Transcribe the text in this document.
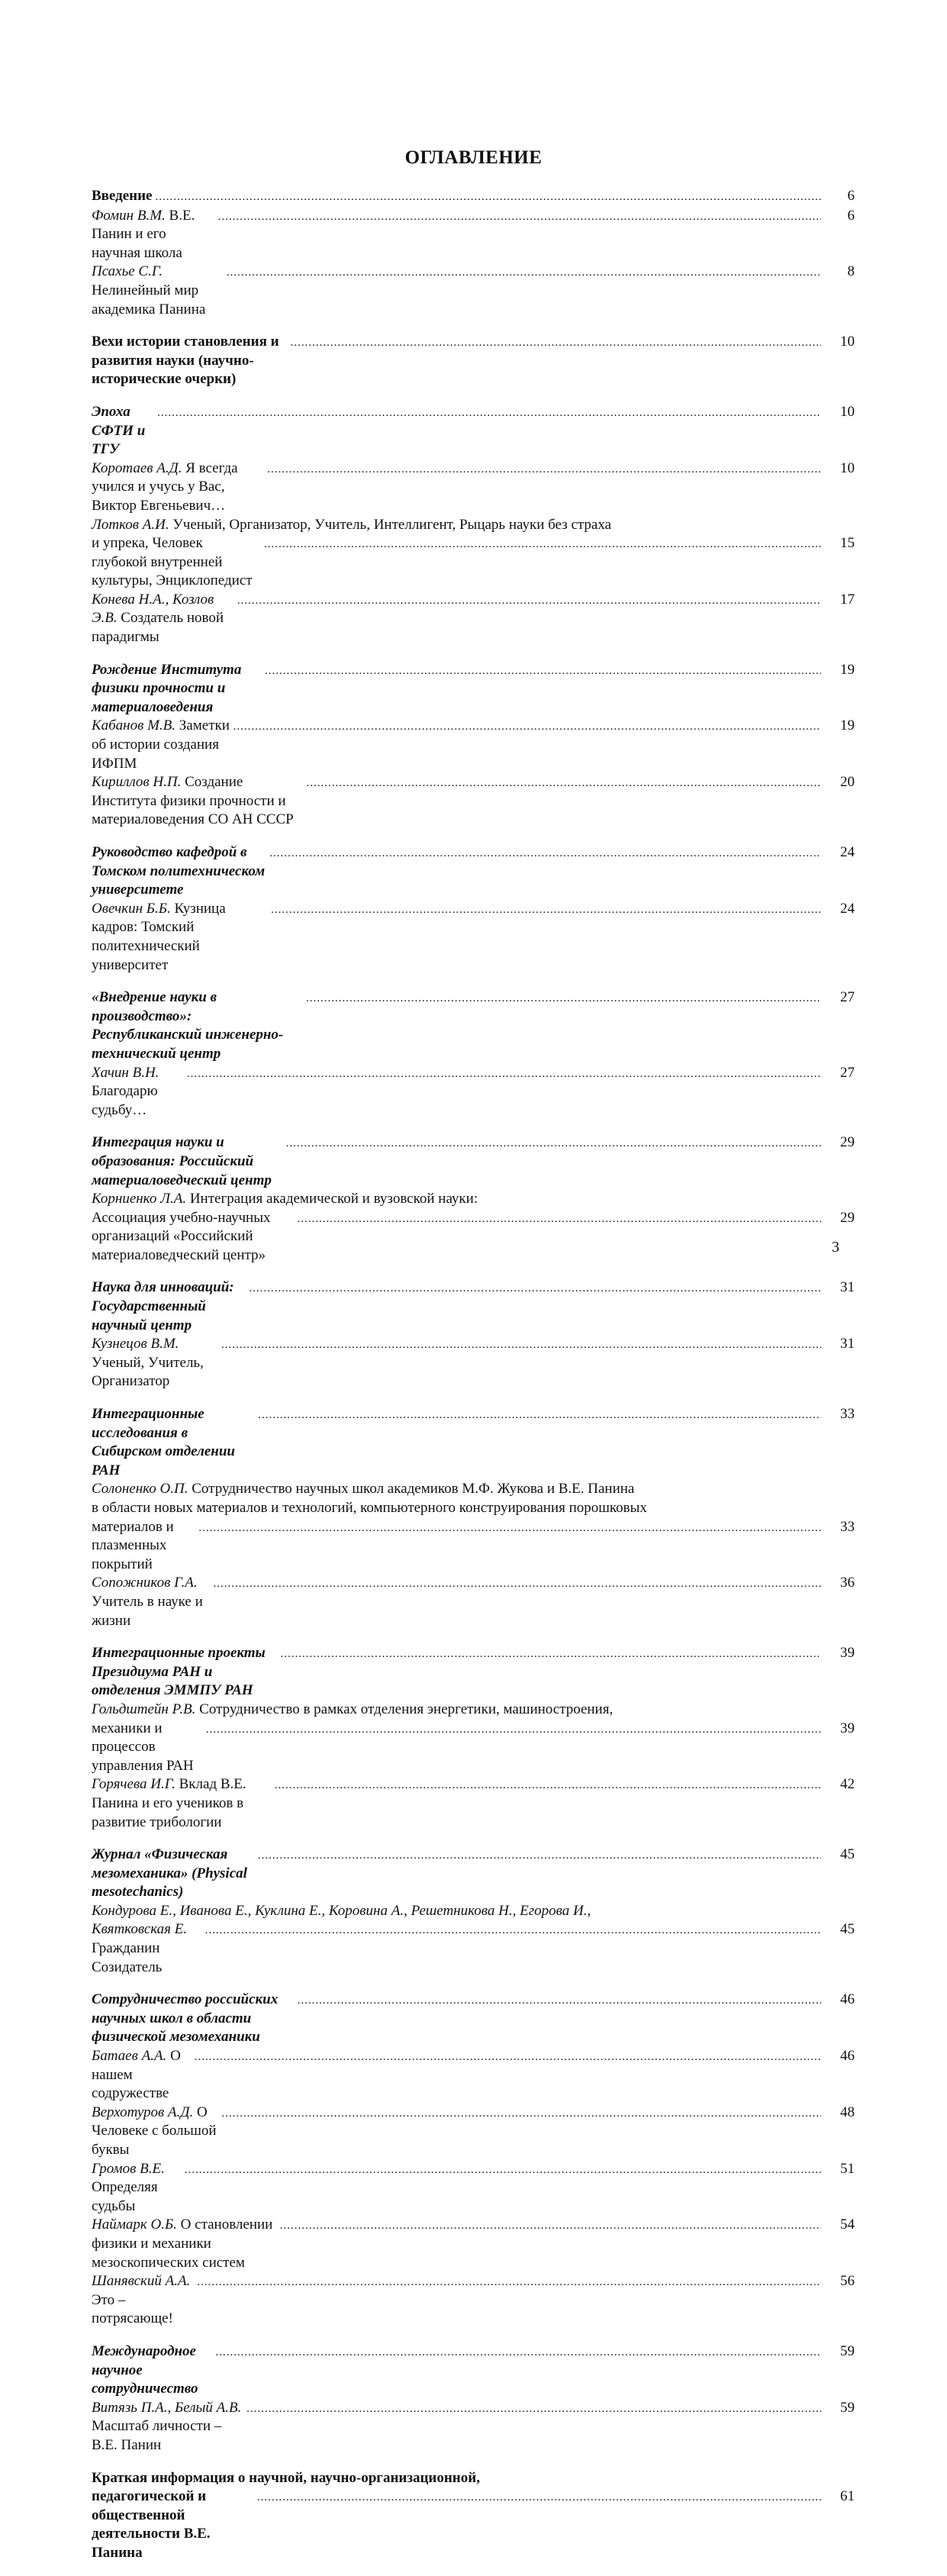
ОГЛАВЛЕНИЕ
Введение
.....	6
Фомин В.М. В.Е. Панин и его научная школа
.....
6
Псахье С.Г. Нелинейный мир академика Панина
.....
8
Вехи истории становления и развития науки (научно-исторические очерки)
.....
10
Эпоха СФТИ и ТГУ
.....
10
Коротаев А.Д. Я всегда учился и учусь у Вас, Виктор Евгеньевич…
.....
10
Лотков А.И. Ученый, Организатор, Учитель, Интеллигент, Рыцарь науки без страха
и упрека, Человек глубокой внутренней культуры, Энциклопедист
.....
15
Конева Н.А., Козлов Э.В. Создатель новой парадигмы
.....
17
Рождение Института физики прочности и материаловедения
.....
19
Кабанов М.В. Заметки об истории создания ИФПМ
.....
19
Кириллов Н.П. Создание Института физики прочности и материаловедения СО АН СССР
.....
20
Руководство кафедрой в Томском политехническом университете
.....
24
Овечкин Б.Б. Кузница кадров: Томский политехнический университет
.....
24
«Внедрение науки в производство»: Республиканский инженерно-технический центр
.....
27
Хачин В.Н. Благодарю судьбу…
.....
27
Интеграция науки и образования: Российский материаловедческий центр
.....
29
Корниенко Л.А. Интеграция академической и вузовской науки:
Ассоциация учебно-научных организаций «Российский материаловедческий центр»
.....
29
Наука для инноваций: Государственный научный центр
.....
31
Кузнецов В.М. Ученый, Учитель, Организатор
.....
31
Интеграционные исследования в Сибирском отделении РАН
.....
33
Солоненко О.П. Сотрудничество научных школ академиков М.Ф. Жукова и В.Е. Панина
в области новых материалов и технологий, компьютерного конструирования порошковых
материалов и плазменных покрытий
.....
33
Сопожников Г.А. Учитель в науке и жизни
.....
36
Интеграционные проекты Президиума РАН и отделения ЭММПУ РАН
.....
39
Гольдштейн Р.В. Сотрудничество в рамках отделения энергетики, машиностроения,
механики и процессов управления РАН
.....
39
Горячева И.Г. Вклад В.Е. Панина и его учеников в развитие трибологии
.....
42
Журнал «Физическая мезомеханика» (Physical mesotechanics)
.....
45
Кондурова Е., Иванова Е., Куклина Е., Коровина А., Решетникова Н., Егорова И.,
Квятковская Е. Гражданин Созидатель
.....
45
Сотрудничество российских научных школ в области физической мезомеханики
.....
46
Батаев А.А. О нашем содружестве
.....
46
Верхотуров А.Д. О Человеке с большой буквы
.....
48
Громов В.Е. Определяя судьбы
.....
51
Наймарк О.Б. О становлении физики и механики мезоскопических систем
.....
54
Шанявский А.А. Это – потрясающе!
.....
56
Международное научное сотрудничество
.....
59
Витязь П.А., Белый А.В. Масштаб личности – В.Е. Панин
.....
59
Краткая информация о научной, научно-организационной,
педагогической и общественной деятельности В.Е. Панина
.....
61
3
